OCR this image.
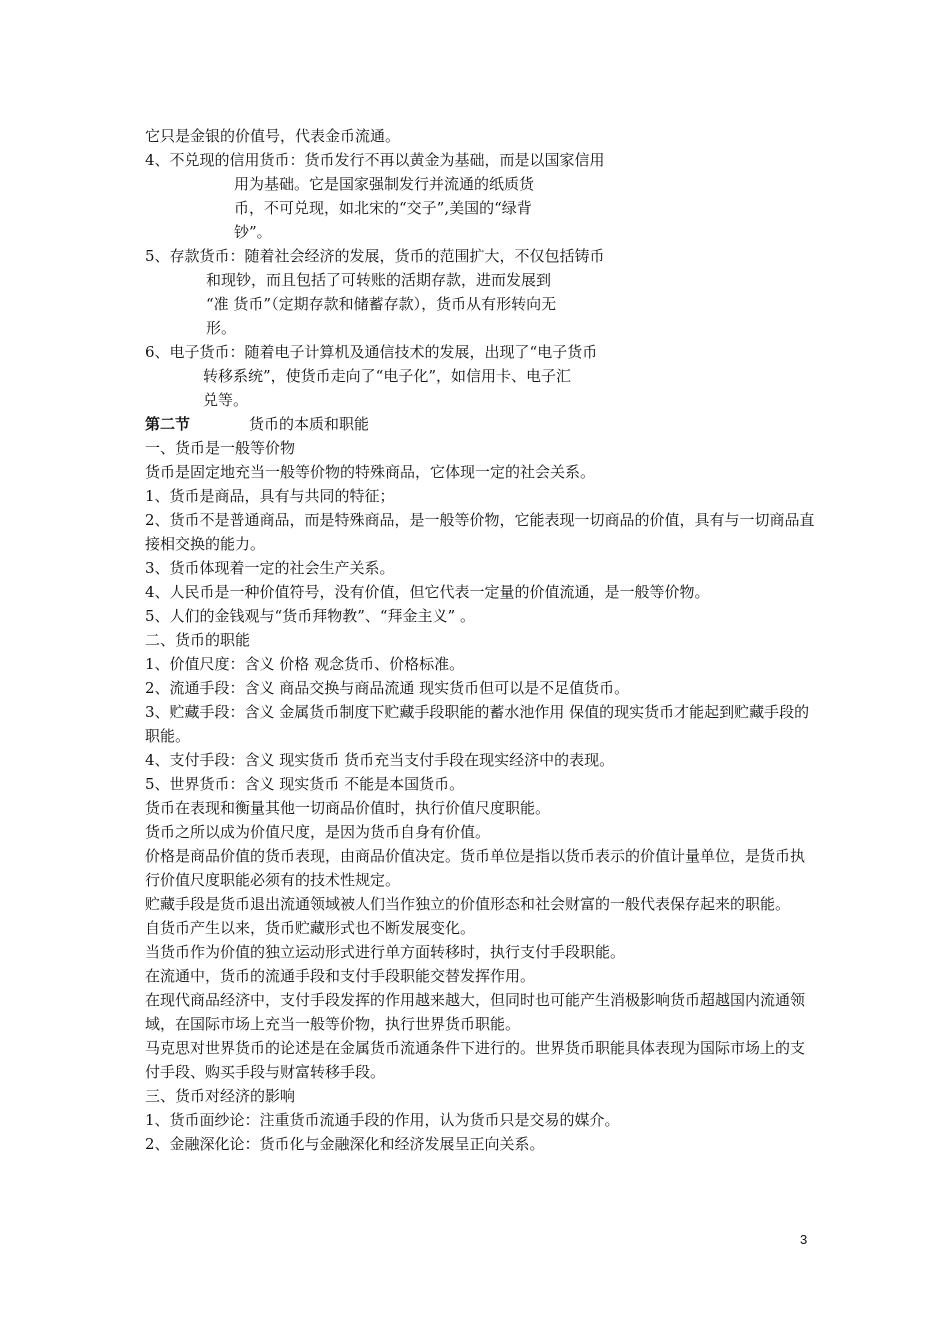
它只是金银的价值号，代表金币流通。

4、不兑现的信用货币：货币发行不再以黄金为基础，而是以国家信用

用为基础。它是国家强制发行并流通的纸质货

币，不可兑现，如北宋的“交子”,美国的“绿背

钞”。

5、存款货币：随着社会经济的发展，货币的范围扩大，不仅包括铸币

和现钞，而且包括了可转账的活期存款，进而发展到

“准 货币”（定期存款和储蓄存款），货币从有形转向无

形。

6、电子货币：随着电子计算机及通信技术的发展，出现了“电子货币

转移系统”，使货币走向了“电子化”，如信用卡、电子汇

兑等。

第二节	货币的本质和职能

一、货币是一般等价物

货币是固定地充当一般等价物的特殊商品，它体现一定的社会关系。

1、货币是商品，具有与共同的特征；

2、货币不是普通商品，而是特殊商品，是一般等价物，它能表现一切商品的价值，具有与一切商品直接相交换的能力。

3、货币体现着一定的社会生产关系。

4、人民币是一种价值符号，没有价值，但它代表一定量的价值流通，是一般等价物。

5、人们的金钱观与“货币拜物教”、“拜金主义” 。

二、货币的职能

1、价值尺度：含义 价格 观念货币、价格标准。

2、流通手段：含义 商品交换与商品流通 现实货币但可以是不足值货币。

3、贮藏手段：含义 金属货币制度下贮藏手段职能的蓄水池作用 保值的现实货币才能起到贮藏手段的职能。

4、支付手段：含义 现实货币 货币充当支付手段在现实经济中的表现。

5、世界货币：含义 现实货币 不能是本国货币。

货币在表现和衡量其他一切商品价值时，执行价值尺度职能。

货币之所以成为价值尺度，是因为货币自身有价值。

价格是商品价值的货币表现，由商品价值决定。货币单位是指以货币表示的价值计量单位，是货币执行价值尺度职能必须有的技术性规定。

贮藏手段是货币退出流通领域被人们当作独立的价值形态和社会财富的一般代表保存起来的职能。

自货币产生以来，货币贮藏形式也不断发展变化。

当货币作为价值的独立运动形式进行单方面转移时，执行支付手段职能。

在流通中，货币的流通手段和支付手段职能交替发挥作用。

在现代商品经济中，支付手段发挥的作用越来越大，但同时也可能产生消极影响货币超越国内流通领域，在国际市场上充当一般等价物，执行世界货币职能。

马克思对世界货币的论述是在金属货币流通条件下进行的。世界货币职能具体表现为国际市场上的支付手段、购买手段与财富转移手段。

三、货币对经济的影响

1、货币面纱论：注重货币流通手段的作用，认为货币只是交易的媒介。

2、金融深化论：货币化与金融深化和经济发展呈正向关系。

3
